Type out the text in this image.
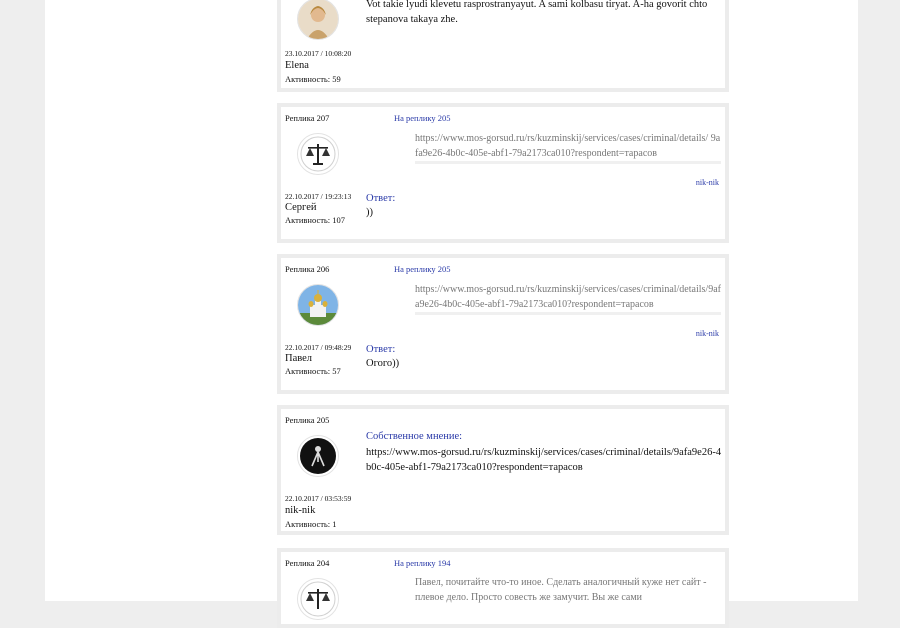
Vot takie lyudi klevetu rasprostranyayut. A sami kolbasu tiryat. A-ha govorit chto stepanova takaya zhe.
23.10.2017 / 10:08:20
Elena
Активность: 59
Реплика 207	На реплику 205
https://www.mos-gorsud.ru/rs/kuzminskij/services/cases/criminal/details/ 9afa9e26-4b0c-405e-abf1-79a2173ca010?respondent=тарасов
nik-nik
22.10.2017 / 19:23:13
Сергей
Активность: 107
Ответ:
))
Реплика 206	На реплику 205
https://www.mos-gorsud.ru/rs/kuzminskij/services/cases/criminal/details/9afa9e26-4b0c-405e-abf1-79a2173ca010?respondent=тарасов
nik-nik
22.10.2017 / 09:48:29
Павел
Активность: 57
Ответ:
Огого))
Реплика 205
Собственное мнение:
https://www.mos-gorsud.ru/rs/kuzminskij/services/cases/criminal/details/9afa9e26-4b0c-405e-abf1-79a2173ca010?respondent=тарасов
22.10.2017 / 03:53:59
nik-nik
Активность: 1
Реплика 204	На реплику 194
Павел, почитайте что-то иное. Сделать аналогичный куже нет сайт - плевое дело. Просто совесть же замучит. Вы же сами
